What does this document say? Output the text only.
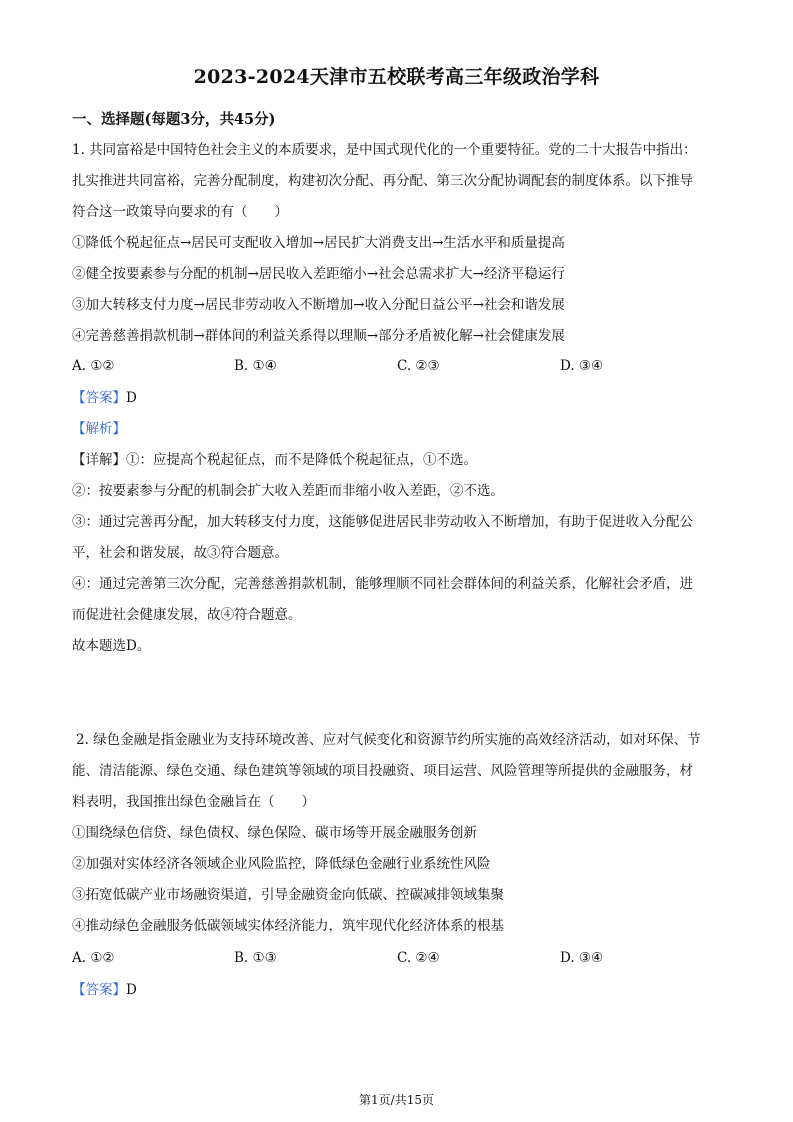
2023-2024天津市五校联考高三年级政治学科
一、选择题(每题3分，共45分)
1. 共同富裕是中国特色社会主义的本质要求，是中国式现代化的一个重要特征。党的二十大报告中指出：
扎实推进共同富裕，完善分配制度，构建初次分配、再分配、第三次分配协调配套的制度体系。以下推导
符合这一政策导向要求的有（　　）
①降低个税起征点→居民可支配收入增加→居民扩大消费支出→生活水平和质量提高
②健全按要素参与分配的机制→居民收入差距缩小→社会总需求扩大→经济平稳运行
③加大转移支付力度→居民非劳动收入不断增加→收入分配日益公平→社会和谐发展
④完善慈善捐款机制→群体间的利益关系得以理顺→部分矛盾被化解→社会健康发展
A. ①②	B. ①④	C. ②③	D. ③④
【答案】D
【解析】
【详解】①：应提高个税起征点，而不是降低个税起征点，①不选。
②：按要素参与分配的机制会扩大收入差距而非缩小收入差距，②不选。
③：通过完善再分配，加大转移支付力度，这能够促进居民非劳动收入不断增加，有助于促进收入分配公
平，社会和谐发展，故③符合题意。
④：通过完善第三次分配，完善慈善捐款机制，能够理顺不同社会群体间的利益关系，化解社会矛盾，进
而促进社会健康发展，故④符合题意。
故本题选D。
2. 绿色金融是指金融业为支持环境改善、应对气候变化和资源节约所实施的高效经济活动，如对环保、节
能、清洁能源、绿色交通、绿色建筑等领域的项目投融资、项目运营、风险管理等所提供的金融服务，材
料表明，我国推出绿色金融旨在（　　）
①围绕绿色信贷、绿色债权、绿色保险、碳市场等开展金融服务创新
②加强对实体经济各领域企业风险监控，降低绿色金融行业系统性风险
③拓宽低碳产业市场融资渠道，引导金融资金向低碳、控碳减排领域集聚
④推动绿色金融服务低碳领域实体经济能力，筑牢现代化经济体系的根基
A. ①②	B. ①③	C. ②④	D. ③④
【答案】D
第1页/共15页
